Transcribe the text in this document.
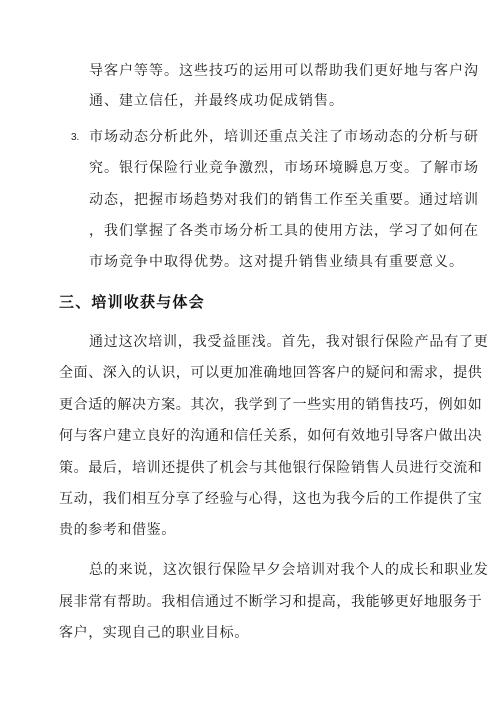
导客户等等。这些技巧的运用可以帮助我们更好地与客户沟
通、建立信任，并最终成功促成销售。
3. 市场动态分析此外，培训还重点关注了市场动态的分析与研
究。银行保险行业竞争激烈，市场环境瞬息万变。了解市场
动态，把握市场趋势对我们的销售工作至关重要。通过培训
，我们掌握了各类市场分析工具的使用方法，学习了如何在
市场竞争中取得优势。这对提升销售业绩具有重要意义。
三、培训收获与体会
通过这次培训，我受益匪浅。首先，我对银行保险产品有了更
全面、深入的认识，可以更加准确地回答客户的疑问和需求，提供
更合适的解决方案。其次，我学到了一些实用的销售技巧，例如如
何与客户建立良好的沟通和信任关系，如何有效地引导客户做出决
策。最后，培训还提供了机会与其他银行保险销售人员进行交流和
互动，我们相互分享了经验与心得，这也为我今后的工作提供了宝
贵的参考和借鉴。
总的来说，这次银行保险早夕会培训对我个人的成长和职业发
展非常有帮助。我相信通过不断学习和提高，我能够更好地服务于
客户，实现自己的职业目标。
